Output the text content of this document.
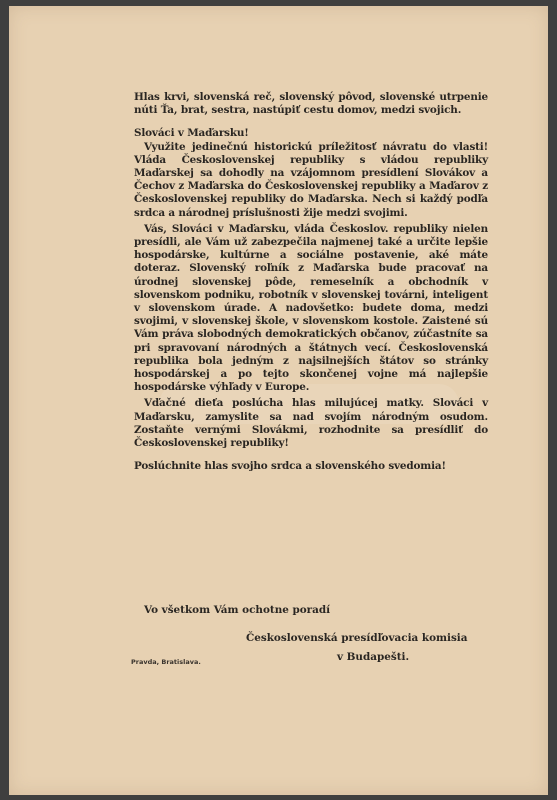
Hlas krvi, slovenská reč, slovenský pôvod, slovenské utrpenie núti Ťa, brat, sestra, nastúpiť cestu domov, medzi svojich.

Slováci v Maďarsku!

Využite jedinečnú historickú príležitosť návratu do vlasti! Vláda Československej republiky s vládou republiky Maďarskej sa dohodly na vzájomnom presídlení Slovákov a Čechov z Maďarska do Československej republiky a Maďarov z Československej republiky do Maďarska. Nech si každý podľa srdca a národnej príslušnosti žije medzi svojimi.

Vás, Slováci v Maďarsku, vláda Českoslov. republiky nielen presídli, ale Vám už zabezpečila najmenej také a určite lepšie hospodárske, kultúrne a sociálne postavenie, aké máte doteraz. Slovenský roľník z Maďarska bude pracovať na úrodnej slovenskej pôde, remeselník a obchodník v slovenskom podniku, robotník v slovenskej továrni, inteligent v slovenskom úrade. A nadovšetko: budete doma, medzi svojimi, v slovenskej škole, v slovenskom kostole. Zaistené sú Vám práva slobodných demokratických občanov, zúčastníte sa pri spravovaní národných a štátnych vecí. Československá republika bola jedným z najsilnejších štátov so stránky hospodárskej a po tejto skončenej vojne má najlepšie hospodárske výhľady v Europe.

Vďačné dieťa poslúcha hlas milujúcej matky. Slováci v Maďarsku, zamyslite sa nad svojím národným osudom. Zostaňte vernými Slovákmi, rozhodnite sa presídliť do Československej republiky!

Poslúchnite hlas svojho srdca a slovenského svedomia!

Vo všetkom Vám ochotne poradí
Československá presídľovacia komisia
v Budapešti.
Pravda, Bratislava.
